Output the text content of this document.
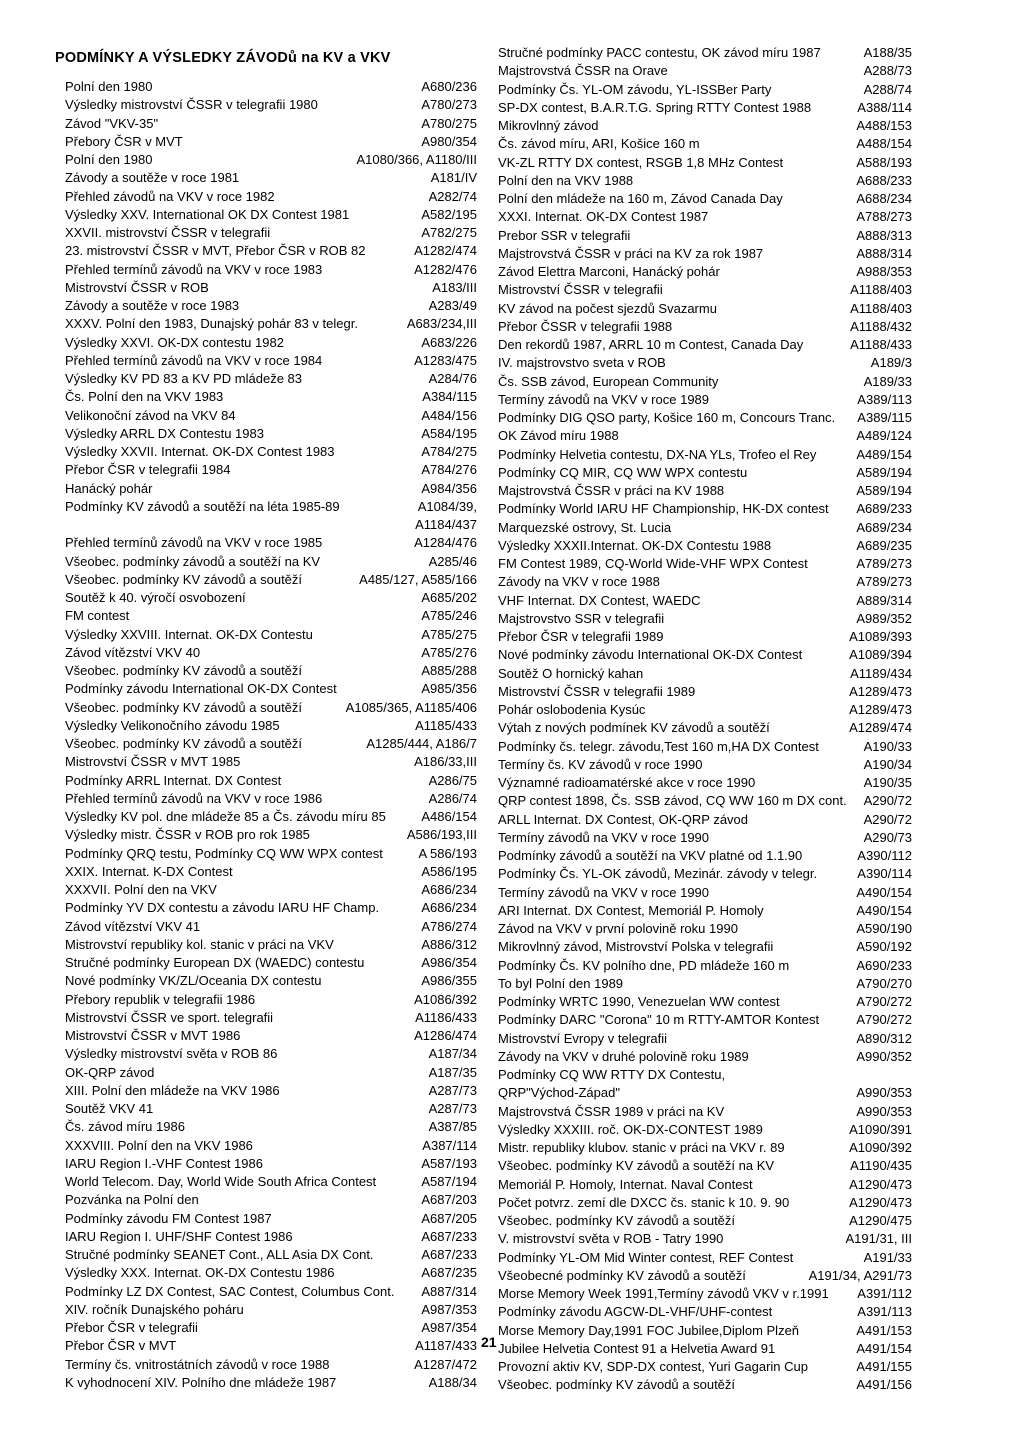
PODMÍNKY A VÝSLEDKY ZÁVODů na KV a VKV
Polní den 1980	A680/236
Výsledky mistrovství ČSSR v telegrafii 1980	A780/273
Závod "VKV-35"	A780/275
Přebory ČSR v MVT	A980/354
Polní den 1980	A1080/366, A1180/III
Závody a soutěže v roce 1981	A181/IV
Přehled závodů na VKV v roce 1982	A282/74
Výsledky XXV. International OK DX Contest 1981	A582/195
XXVII. mistrovství ČSSR v telegrafii	A782/275
23. mistrovství ČSSR v MVT, Přebor ČSR v ROB 82	A1282/474
Přehled termínů závodů na VKV v roce 1983	A1282/476
Mistrovství ČSSR v ROB	A183/III
Závody a soutěže v roce 1983	A283/49
XXXV. Polní den 1983, Dunajský pohár 83 v telegr.	A683/234,III
Výsledky XXVI. OK-DX contestu 1982	A683/226
Přehled termínů závodů na VKV v roce 1984	A1283/475
Výsledky KV PD 83 a KV PD mládeže 83	A284/76
Čs. Polní den na VKV 1983	A384/115
Velikonoční závod na VKV 84	A484/156
Výsledky ARRL DX Contestu 1983	A584/195
Výsledky XXVII. Internat. OK-DX Contest 1983	A784/275
Přebor ČSR v telegrafii 1984	A784/276
Hanácký pohár	A984/356
Podmínky KV závodů a soutěží na léta 1985-89	A1084/39,
A1184/437
Přehled termínů závodů na VKV v roce 1985	A1284/476
Všeobec. podmínky závodů a soutěží na KV	A285/46
Všeobec. podmínky KV závodů a soutěží	A485/127, A585/166
Soutěž k 40. výročí osvobození	A685/202
FM contest	A785/246
Výsledky XXVIII. Internat. OK-DX Contestu	A785/275
Závod vítězství VKV 40	A785/276
Všeobec. podmínky KV závodů a soutěží	A885/288
Podmínky závodu International OK-DX Contest	A985/356
Všeobec. podmínky KV závodů a soutěží	A1085/365, A1185/406
Výsledky Velikonočního závodu 1985	A1185/433
Všeobec. podmínky KV závodů a soutěží	A1285/444, A186/7
Mistrovství ČSSR v MVT 1985	A186/33,III
Podmínky ARRL Internat. DX Contest	A286/75
Přehled termínů závodů na VKV v roce 1986	A286/74
Výsledky KV pol. dne mládeže 85 a Čs. závodu míru 85	A486/154
Výsledky mistr. ČSSR v ROB pro rok 1985	A586/193,III
Podmínky QRQ testu, Podmínky CQ WW WPX contest	A 586/193
XXIX. Internat. K-DX Contest	A586/195
XXXVII. Polní den na VKV	A686/234
Podmínky YV DX contestu a závodu IARU HF Champ.	A686/234
Závod vítězství VKV 41	A786/274
Mistrovství republiky kol. stanic v práci na VKV	A886/312
Stručné podmínky European DX (WAEDC) contestu	A986/354
Nové podmínky VK/ZL/Oceania DX contestu	A986/355
Přebory republik v telegrafii 1986	A1086/392
Mistrovství ČSSR ve sport. telegrafii	A1186/433
Mistrovství ČSSR v MVT 1986	A1286/474
Výsledky mistrovství světa v ROB 86	A187/34
OK-QRP závod	A187/35
XIII. Polní den mládeže na VKV 1986	A287/73
Soutěž VKV 41	A287/73
Čs. závod míru 1986	A387/85
XXXVIII. Polní den na VKV 1986	A387/114
IARU Region I.-VHF Contest 1986	A587/193
World Telecom. Day, World Wide South Africa Contest	A587/194
Pozvánka na Polní den	A687/203
Podmínky závodu FM Contest 1987	A687/205
IARU Region I. UHF/SHF Contest 1986	A687/233
Stručné podmínky SEANET Cont., ALL Asia DX Cont.	A687/233
Výsledky XXX. Internat. OK-DX Contestu 1986	A687/235
Podmínky LZ DX Contest, SAC Contest, Columbus Cont. A887/314
XIV. ročník Dunajského poháru	A987/353
Přebor ČSR v telegrafii	A987/354
Přebor ČSR v MVT	A1187/433
Termíny čs. vnitrostátních závodů v roce 1988	A1287/472
K vyhodnocení XIV. Polního dne mládeže 1987	A188/34
Stručné podmínky PACC contestu, OK závod míru 1987	A188/35
Majstrovstvá ČSSR na Orave	A288/73
Podmínky Čs. YL-OM závodu, YL-ISSBer Party	A288/74
SP-DX contest, B.A.R.T.G. Spring RTTY Contest 1988	A388/114
Mikrovlnný závod	A488/153
Čs. závod míru, ARI, Košice 160 m	A488/154
VK-ZL RTTY DX contest, RSGB 1,8 MHz Contest	A588/193
Polní den na VKV 1988	A688/233
Polní den mládeže na 160 m, Závod Canada Day	A688/234
XXXI. Internat. OK-DX Contest 1987	A788/273
Prebor SSR v telegrafii	A888/313
Majstrovstvá ČSSR v práci na KV za rok 1987	A888/314
Závod Elettra Marconi, Hanácký pohár	A988/353
Mistrovství ČSSR v telegrafii	A1188/403
KV závod na počest sjezdů Svazarmu	A1188/403
Přebor ČSSR v telegrafii 1988	A1188/432
Den rekordů 1987, ARRL 10 m Contest, Canada Day	A1188/433
IV. majstrovstvo sveta v ROB	A189/3
Čs. SSB závod, European Community	A189/33
Termíny závodů na VKV v roce 1989	A389/113
Podmínky DIG QSO party, Košice 160 m, Concours Tranc. A389/115
OK Závod míru 1988	A489/124
Podmínky Helvetia contestu, DX-NA YLs, Trofeo el Rey	A489/154
Podmínky CQ MIR, CQ WW WPX contestu	A589/194
Majstrovstvá ČSSR v práci na KV 1988	A589/194
Podmínky World IARU HF Championship, HK-DX contest A689/233
Marquezské ostrovy, St. Lucia	A689/234
Výsledky XXXII.Internat. OK-DX Contestu 1988	A689/235
FM Contest 1989, CQ-World Wide-VHF WPX Contest	A789/273
Závody na VKV v roce 1988	A789/273
VHF Internat. DX Contest, WAEDC	A889/314
Majstrovstvo SSR v telegrafii	A989/352
Přebor ČSR v telegrafii 1989	A1089/393
Nové podmínky závodu International OK-DX Contest	A1089/394
Soutěž O hornický kahan	A1189/434
Mistrovství ČSSR v telegrafii 1989	A1289/473
Pohár oslobodenia Kysúc	A1289/473
Výtah z nových podmínek KV závodů a soutěží	A1289/474
Podmínky čs. telegr. závodu,Test 160 m,HA DX Contest	A190/33
Termíny čs. KV závodů v roce 1990	A190/34
Významné radioamatérské akce v roce 1990	A190/35
QRP contest 1898, Čs. SSB závod, CQ WW 160 m DX cont. A290/72
ARLL Internat. DX Contest, OK-QRP závod	A290/72
Termíny závodů na VKV v roce 1990	A290/73
Podmínky závodů a soutěží na VKV platné od 1.1.90	A390/112
Podmínky Čs. YL-OK závodů, Mezinár. závody v telegr.	A390/114
Termíny závodů na VKV v roce 1990	A490/154
ARI Internat. DX Contest, Memoriál P. Homoly	A490/154
Závod na VKV v první polovině roku 1990	A590/190
Mikrovlnný závod, Mistrovství Polska v telegrafii	A590/192
Podmínky Čs. KV polního dne, PD mládeže 160 m	A690/233
To byl Polní den 1989	A790/270
Podmínky WRTC 1990, Venezuelan WW contest	A790/272
Podmínky DARC "Corona" 10 m RTTY-AMTOR Kontest	A790/272
Mistrovství Evropy v telegrafii	A890/312
Závody na VKV v druhé polovině roku 1989	A990/352
Podmínky CQ WW RTTY DX Contestu,
QRP"Východ-Západ"	A990/353
Majstrovstvá ČSSR 1989 v práci na KV	A990/353
Výsledky XXXIII. roč. OK-DX-CONTEST 1989	A1090/391
Mistr. republiky klubov. stanic v práci na VKV r. 89	A1090/392
Všeobec. podmínky KV závodů a soutěží na KV	A1190/435
Memoriál P. Homoly, Internat. Naval Contest	A1290/473
Počet potvrz. zemí dle DXCC čs. stanic k 10. 9. 90	A1290/473
Všeobec. podmínky KV závodů a soutěží	A1290/475
V. mistrovství světa v ROB - Tatry 1990	A191/31, III
Podmínky YL-OM Mid Winter contest, REF Contest	A191/33
Všeobecné podmínky KV závodů a soutěží	A191/34, A291/73
Morse Memory Week 1991,Termíny závodů VKV v r.1991 A391/112
Podmínky závodu AGCW-DL-VHF/UHF-contest	A391/113
Morse Memory Day,1991 FOC Jubilee,Diplom Plzeň	A491/153
Jubilee Helvetia Contest 91 a Helvetia Award 91	A491/154
Provozní aktiv KV, SDP-DX contest, Yuri Gagarin Cup	A491/155
Všeobec. podmínky KV závodů a soutěží	A491/156
21
